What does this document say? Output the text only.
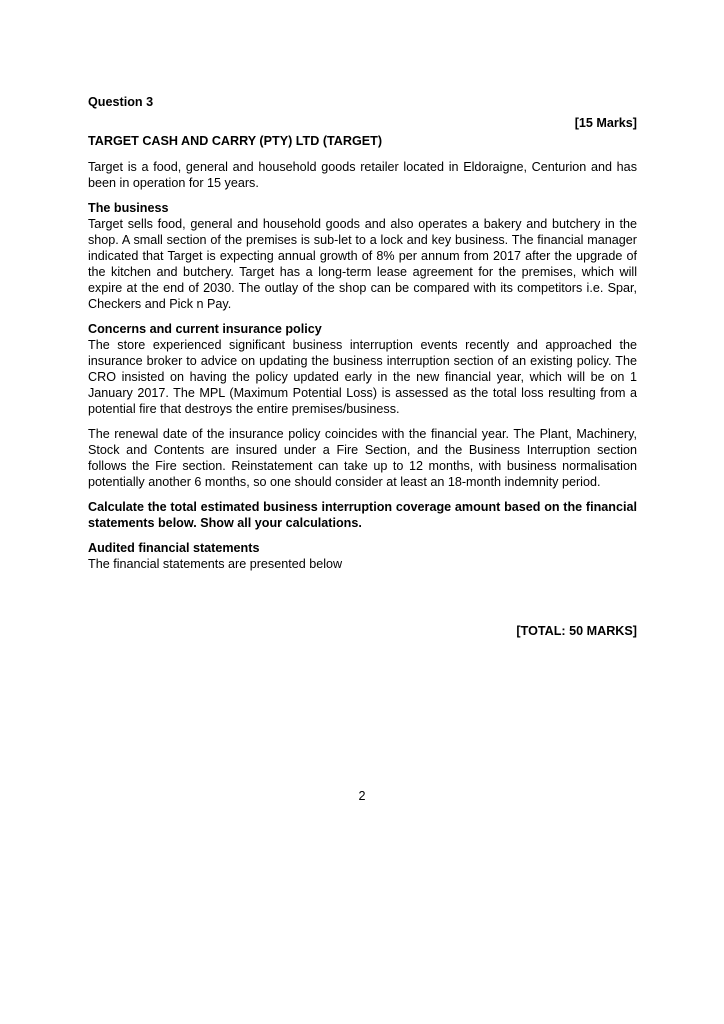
Question 3
[15 Marks]
TARGET CASH AND CARRY (PTY) LTD (TARGET)

Target is a food, general and household goods retailer located in Eldoraigne, Centurion and has been in operation for 15 years.

The business

Target sells food, general and household goods and also operates a bakery and butchery in the shop. A small section of the premises is sub-let to a lock and key business. The financial manager indicated that Target is expecting annual growth of 8% per annum from 2017 after the upgrade of the kitchen and butchery. Target has a long-term lease agreement for the premises, which will expire at the end of 2030. The outlay of the shop can be compared with its competitors i.e. Spar, Checkers and Pick n Pay.

Concerns and current insurance policy

The store experienced significant business interruption events recently and approached the insurance broker to advice on updating the business interruption section of an existing policy. The CRO insisted on having the policy updated early in the new financial year, which will be on 1 January 2017. The MPL (Maximum Potential Loss) is assessed as the total loss resulting from a potential fire that destroys the entire premises/business.

The renewal date of the insurance policy coincides with the financial year. The Plant, Machinery, Stock and Contents are insured under a Fire Section, and the Business Interruption section follows the Fire section. Reinstatement can take up to 12 months, with business normalisation potentially another 6 months, so one should consider at least an 18-month indemnity period.

Calculate the total estimated business interruption coverage amount based on the financial statements below. Show all your calculations.

Audited financial statements

The financial statements are presented below

[TOTAL: 50 MARKS]
2
